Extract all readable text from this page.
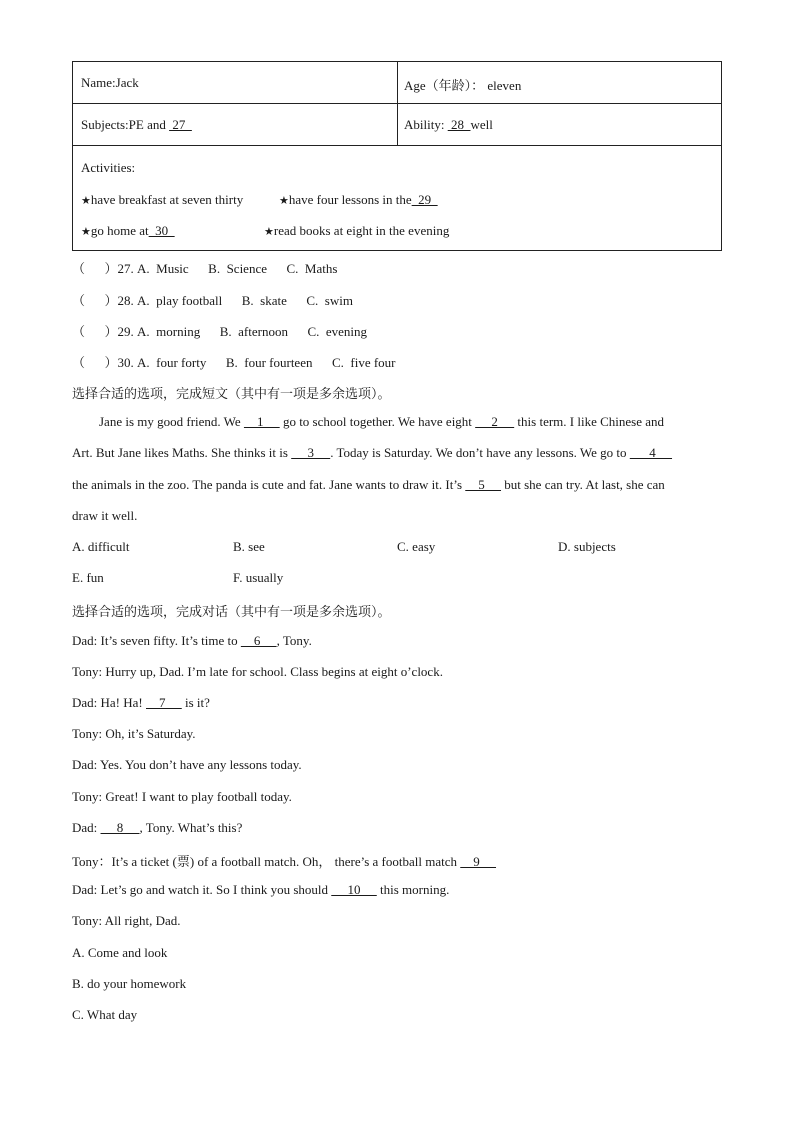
Name:Jack	Age（年龄）： eleven
Subjects:PE and  27	Ability:  28  well
Activities:
★have breakfast at seven thirty	★have four lessons in the  29
★go home at  30	★read books at eight in the evening
（      ）27. A.  Music      B.  Science      C.  Maths
（      ）28. A.  play football      B.  skate      C.  swim
（      ）29. A.  morning      B.  afternoon      C.  evening
（      ）30. A.  four forty      B.  four fourteen      C.  five four
选择合适的选项，完成短文（其中有一项是多余选项）。
Jane is my good friend. We     1      go to school together. We have eight      2      this term. I like Chinese and
Art. But Jane likes Maths. She thinks it is      3     . Today is Saturday. We don’t have any lessons. We go to       4
the animals in the zoo. The panda is cute and fat. Jane wants to draw it. It’s     5      but she can try. At last, she can
draw it well.
A. difficult	B. see	C. easy	D. subjects
E. fun	F. usually
选择合适的选项，完成对话（其中有一项是多余选项）。
Dad: It’s seven fifty. It’s time to     6     , Tony.
Tony: Hurry up, Dad. I’m late for school. Class begins at eight o’clock.
Dad: Ha! Ha!     7      is it?
Tony: Oh, it’s Saturday.
Dad: Yes. You don’t have any lessons today.
Tony: Great! I want to play football today.
Dad:      8     , Tony. What’s this?
Tony：It’s a ticket (票) of a football match. Oh， there’s a football match     9
Dad: Let’s go and watch it. So I think you should      10      this morning.
Tony: All right, Dad.
A. Come and look
B. do your homework
C. What day
